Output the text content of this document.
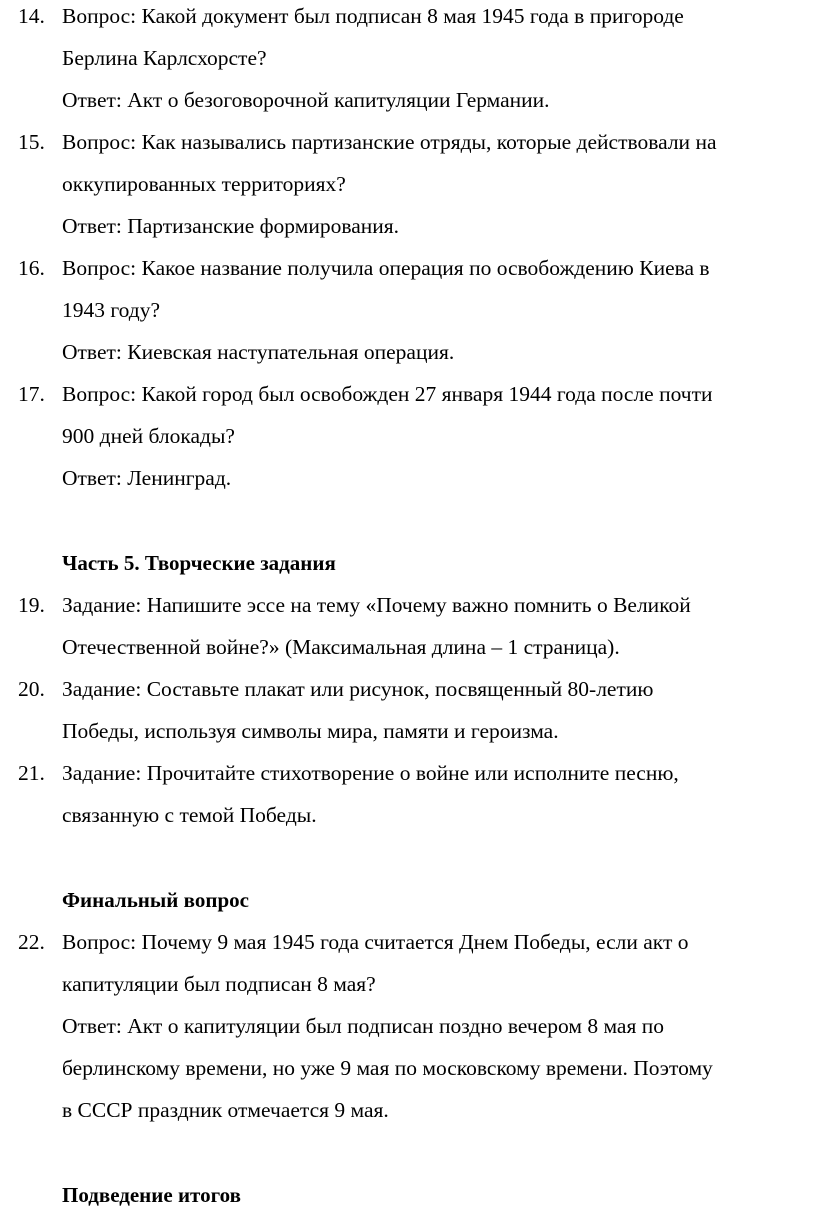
14. Вопрос: Какой документ был подписан 8 мая 1945 года в пригороде
Берлина Карлсхорсте?
Ответ: Акт о безоговорочной капитуляции Германии.
15. Вопрос: Как назывались партизанские отряды, которые действовали на
оккупированных территориях?
Ответ: Партизанские формирования.
16. Вопрос: Какое название получила операция по освобождению Киева в
1943 году?
Ответ: Киевская наступательная операция.
17. Вопрос: Какой город был освобожден 27 января 1944 года после почти
900 дней блокады?
Ответ: Ленинград.
Часть 5. Творческие задания
19. Задание: Напишите эссе на тему «Почему важно помнить о Великой
Отечественной войне?» (Максимальная длина – 1 страница).
20. Задание: Составьте плакат или рисунок, посвященный 80-летию
Победы, используя символы мира, памяти и героизма.
21. Задание: Прочитайте стихотворение о войне или исполните песню,
связанную с темой Победы.
Финальный вопрос
22. Вопрос: Почему 9 мая 1945 года считается Днем Победы, если акт о
капитуляции был подписан 8 мая?
Ответ: Акт о капитуляции был подписан поздно вечером 8 мая по
берлинскому времени, но уже 9 мая по московскому времени. Поэтому
в СССР праздник отмечается 9 мая.
Подведение итогов
